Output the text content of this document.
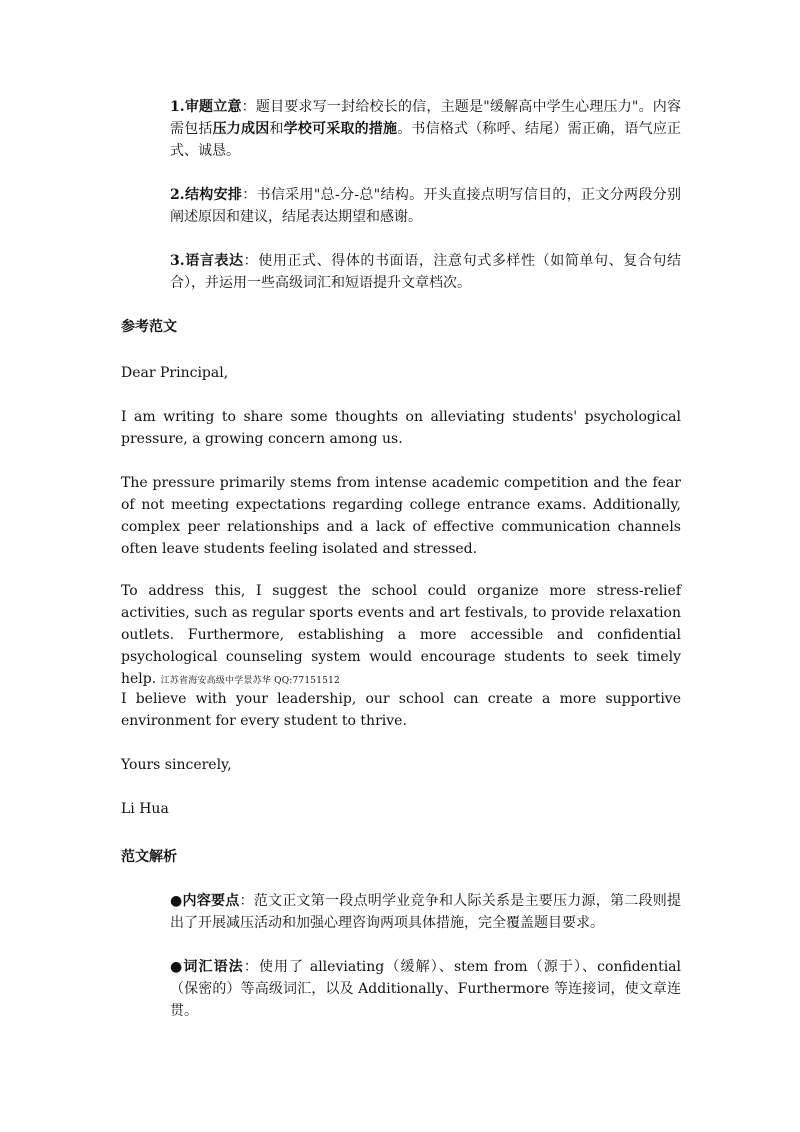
1.审题立意：题目要求写一封给校长的信，主题是"缓解高中学生心理压力"。内容需包括压力成因和学校可采取的措施。书信格式（称呼、结尾）需正确，语气应正式、诚恳。

2.结构安排：书信采用"总-分-总"结构。开头直接点明写信目的，正文分两段分别阐述原因和建议，结尾表达期望和感谢。

3.语言表达：使用正式、得体的书面语，注意句式多样性（如简单句、复合句结合），并运用一些高级词汇和短语提升文章档次。

参考范文

Dear Principal,

I am writing to share some thoughts on alleviating students' psychological pressure, a growing concern among us.

The pressure primarily stems from intense academic competition and the fear of not meeting expectations regarding college entrance exams. Additionally, complex peer relationships and a lack of effective communication channels often leave students feeling isolated and stressed.

To address this, I suggest the school could organize more stress-relief activities, such as regular sports events and art festivals, to provide relaxation outlets. Furthermore, establishing a more accessible and confidential psychological counseling system would encourage students to seek timely help. 江苏省海安高级中学景苏华 QQ:77151512

I believe with your leadership, our school can create a more supportive environment for every student to thrive.

Yours sincerely,

Li Hua

范文解析

●内容要点：范文正文第一段点明学业竞争和人际关系是主要压力源，第二段则提出了开展减压活动和加强心理咨询两项具体措施，完全覆盖题目要求。

●词汇语法：使用了 alleviating（缓解）、stem from（源于）、confidential（保密的）等高级词汇，以及 Additionally、Furthermore 等连接词，使文章连贯。
